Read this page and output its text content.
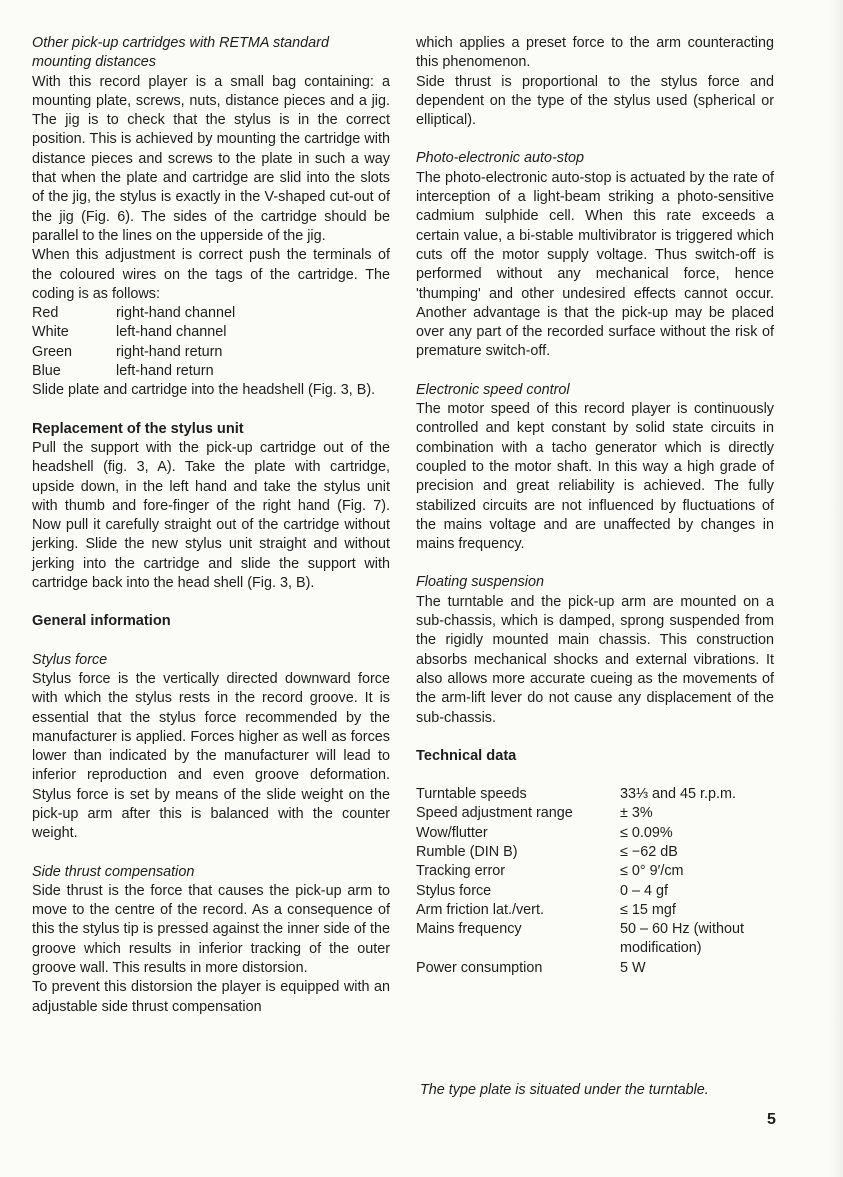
Other pick-up cartridges with RETMA standard mounting distances

With this record player is a small bag containing: a mounting plate, screws, nuts, distance pieces and a jig. The jig is to check that the stylus is in the correct position. This is achieved by mounting the cartridge with distance pieces and screws to the plate in such a way that when the plate and cartridge are slid into the slots of the jig, the stylus is exactly in the V-shaped cut-out of the jig (Fig. 6). The sides of the cartridge should be parallel to the lines on the upperside of the jig.

When this adjustment is correct push the terminals of the coloured wires on the tags of the cartridge. The coding is as follows:

Red	right-hand channel
White	left-hand channel
Green	right-hand return
Blue	left-hand return

Slide plate and cartridge into the headshell (Fig. 3, B).

Replacement of the stylus unit

Pull the support with the pick-up cartridge out of the headshell (fig. 3, A). Take the plate with cartridge, upside down, in the left hand and take the stylus unit with thumb and fore-finger of the right hand (Fig. 7). Now pull it carefully straight out of the cartridge without jerking. Slide the new stylus unit straight and without jerking into the cartridge and slide the support with cartridge back into the head shell (Fig. 3, B).

General information

Stylus force

Stylus force is the vertically directed downward force with which the stylus rests in the record groove. It is essential that the stylus force recommended by the manufacturer is applied. Forces higher as well as forces lower than indicated by the manufacturer will lead to inferior reproduction and even groove deformation. Stylus force is set by means of the slide weight on the pick-up arm after this is balanced with the counter weight.

Side thrust compensation

Side thrust is the force that causes the pick-up arm to move to the centre of the record. As a consequence of this the stylus tip is pressed against the inner side of the groove which results in inferior tracking of the outer groove wall. This results in more distorsion.

To prevent this distorsion the player is equipped with an adjustable side thrust compensation

which applies a preset force to the arm counteracting this phenomenon.

Side thrust is proportional to the stylus force and dependent on the type of the stylus used (spherical or elliptical).

Photo-electronic auto-stop

The photo-electronic auto-stop is actuated by the rate of interception of a light-beam striking a photo-sensitive cadmium sulphide cell. When this rate exceeds a certain value, a bi-stable multivibrator is triggered which cuts off the motor supply voltage. Thus switch-off is performed without any mechanical force, hence 'thumping' and other undesired effects cannot occur. Another advantage is that the pick-up may be placed over any part of the recorded surface without the risk of premature switch-off.

Electronic speed control

The motor speed of this record player is continuously controlled and kept constant by solid state circuits in combination with a tacho generator which is directly coupled to the motor shaft. In this way a high grade of precision and great reliability is achieved. The fully stabilized circuits are not influenced by fluctuations of the mains voltage and are unaffected by changes in mains frequency.

Floating suspension

The turntable and the pick-up arm are mounted on a sub-chassis, which is damped, sprong suspended from the rigidly mounted main chassis. This construction absorbs mechanical shocks and external vibrations. It also allows more accurate cueing as the movements of the arm-lift lever do not cause any displacement of the sub-chassis.

Technical data

Turntable speeds	33⅓ and 45 r.p.m.
Speed adjustment range	± 3%
Wow/flutter	≤ 0.09%
Rumble (DIN B)	≤ −62 dB
Tracking error	≤ 0° 9′/cm
Stylus force	0 – 4 gf
Arm friction lat./vert.	≤ 15 mgf
Mains frequency	50 – 60 Hz (without modification)
Power consumption	5 W
The type plate is situated under the turntable.
5
